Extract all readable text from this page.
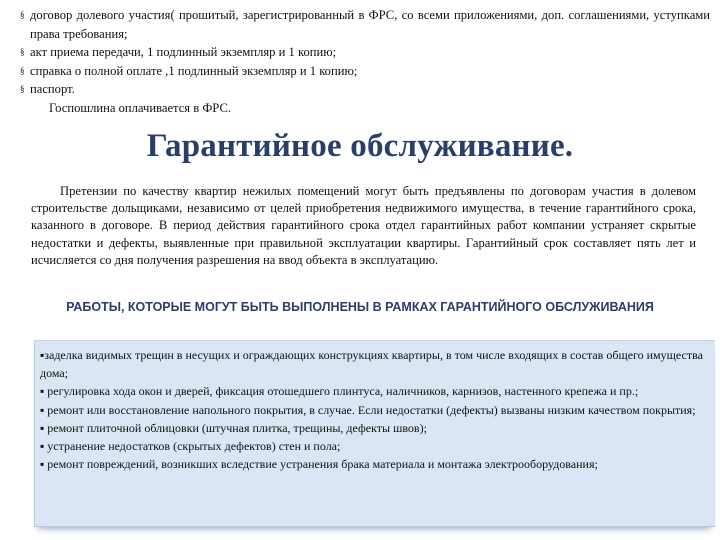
§ договор долевого участия( прошитый, зарегистрированный в ФРС, со всеми приложениями, доп. соглашениями, уступками права требования;
§ акт приема передачи, 1 подлинный экземпляр и 1 копию;
§ справка о полной оплате ,1 подлинный экземпляр и 1 копию;
§ паспорт.
Госпошлина оплачивается в ФРС.
Гарантийное обслуживание.
Претензии по качеству квартир нежилых помещений могут быть предъявлены по договорам участия в долевом строительстве дольщиками, независимо от целей приобретения недвижимого имущества, в течение гарантийного срока, казанного в договоре. В период действия гарантийного срока отдел гарантийных работ компании устраняет скрытые недостатки и дефекты, выявленные при правильной эксплуатации квартиры. Гарантийный срок составляет пять лет и исчисляется со дня получения разрешения на ввод объекта в эксплуатацию.
РАБОТЫ, КОТОРЫЕ МОГУТ БЫТЬ ВЫПОЛНЕНЫ В РАМКАХ ГАРАНТИЙНОГО ОБСЛУЖИВАНИЯ

▪заделка видимых трещин в несущих и ограждающих конструкциях квартиры, в том числе входящих в состав общего имущества дома;

▪ регулировка хода окон и дверей, фиксация отошедшего плинтуса, наличников, карнизов, настенного крепежа и пр.;

▪ ремонт или восстановление напольного покрытия, в случае. Если недостатки (дефекты) вызваны низким качеством покрытия;

▪ ремонт плиточной облицовки (штучная плитка, трещины, дефекты швов);

▪ устранение недостатков (скрытых дефектов) стен и пола;

▪ ремонт повреждений, возникших вследствие устранения брака материала и монтажа электрооборудования;
